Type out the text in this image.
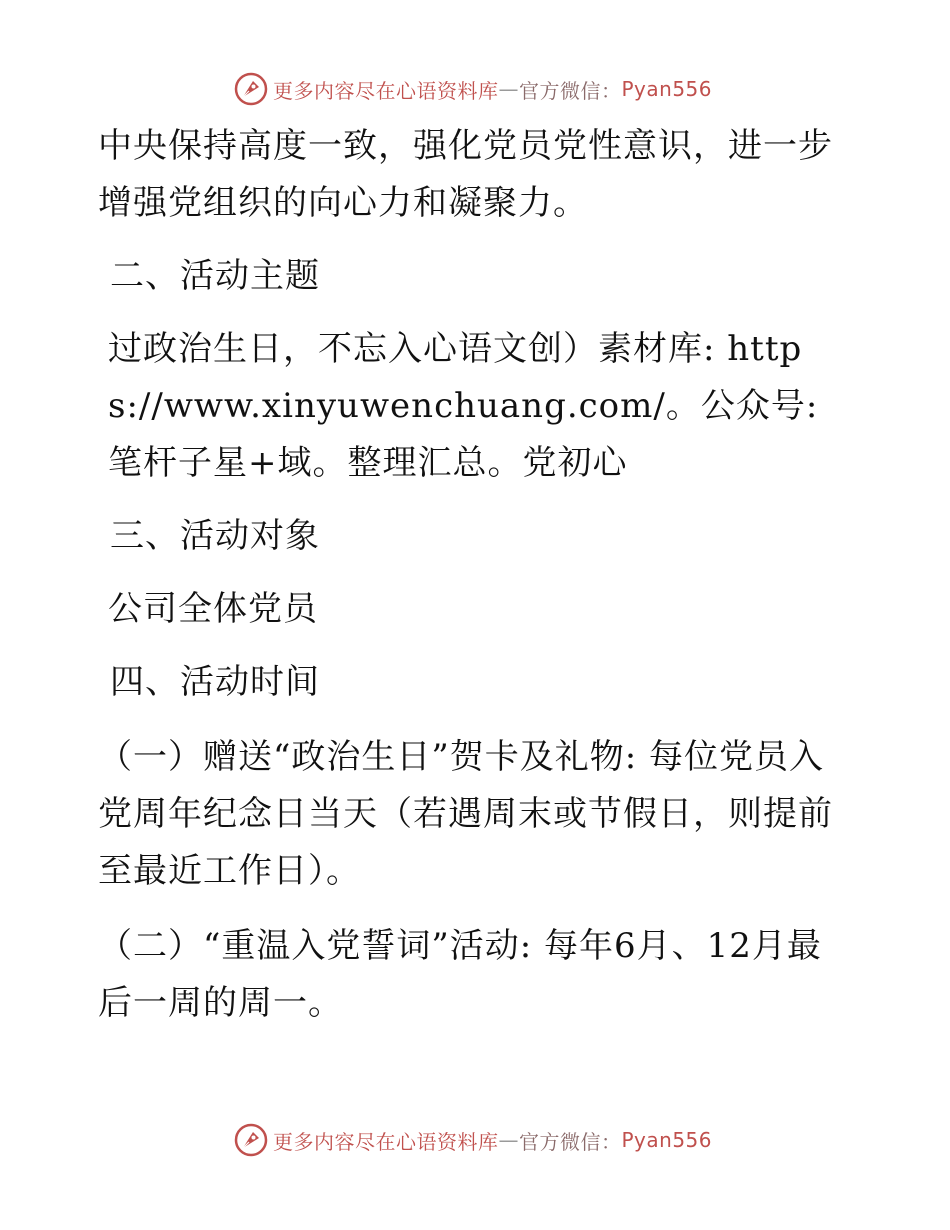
更多内容尽在心语资料库 — 官方微信： Pyan556

中央保持高度一致，强化党员党性意识，进一步增强党组织的向心力和凝聚力。

二、活动主题

过政治生日，不忘入心语文创）素材库: https://www.xinyuwenchuang.com/。公众号: 笔杆子星+域。整理汇总。党初心

三、活动对象

公司全体党员

四、活动时间

（一）赠送“政治生日”贺卡及礼物: 每位党员入党周年纪念日当天（若遇周末或节假日，则提前至最近工作日）。

（二）“重温入党誓词”活动: 每年6月、12月最后一周的周一。

更多内容尽在心语资料库 — 官方微信： Pyan556
